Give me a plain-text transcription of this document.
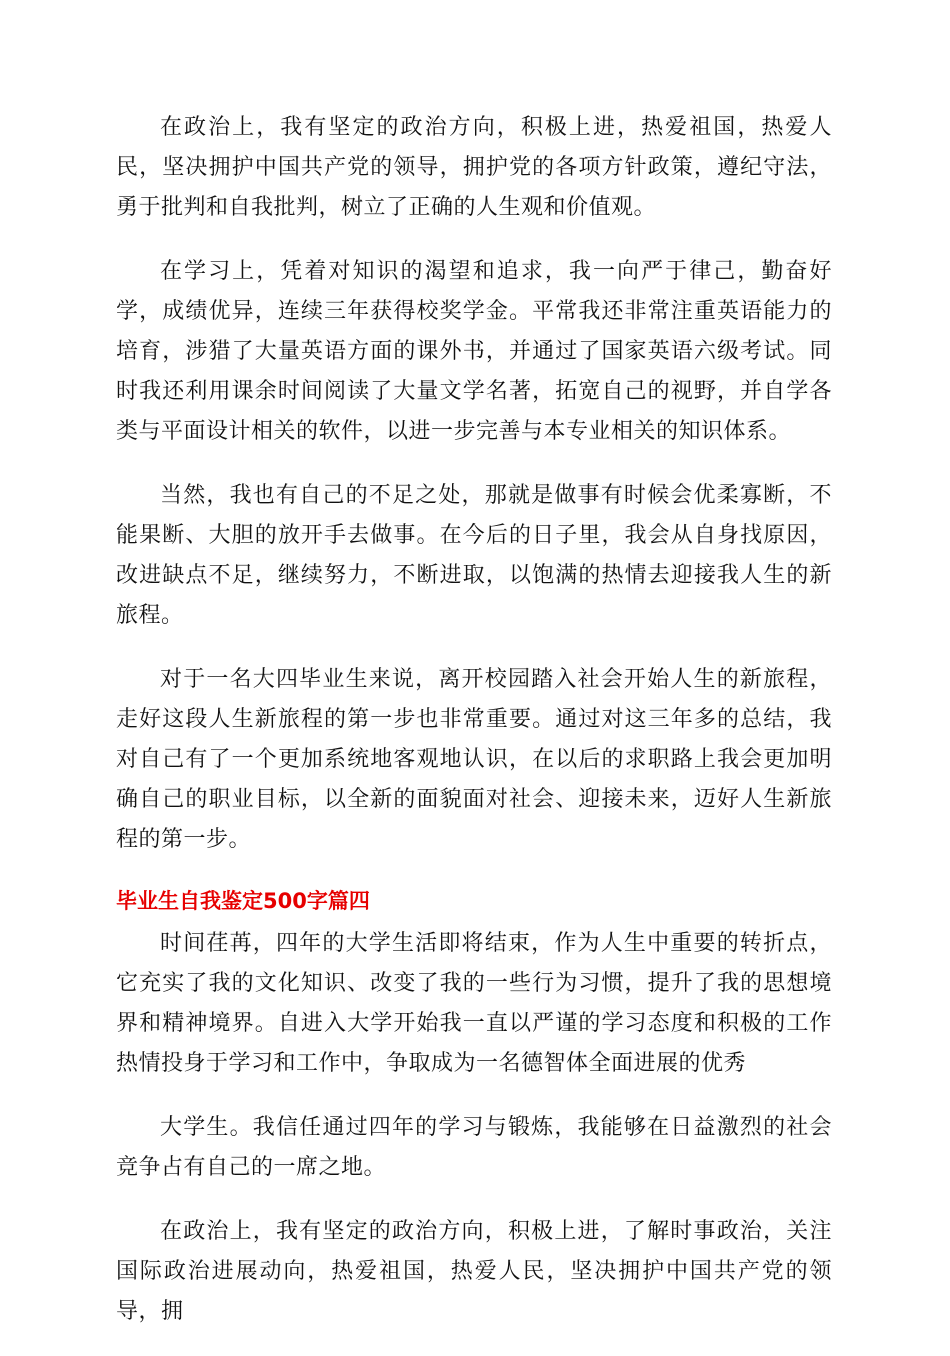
在政治上，我有坚定的政治方向，积极上进，热爱祖国，热爱人民，坚决拥护中国共产党的领导，拥护党的各项方针政策，遵纪守法，勇于批判和自我批判，树立了正确的人生观和价值观。

在学习上，凭着对知识的渴望和追求，我一向严于律己，勤奋好学，成绩优异，连续三年获得校奖学金。平常我还非常注重英语能力的培育，涉猎了大量英语方面的课外书，并通过了国家英语六级考试。同时我还利用课余时间阅读了大量文学名著，拓宽自己的视野，并自学各类与平面设计相关的软件，以进一步完善与本专业相关的知识体系。

当然，我也有自己的不足之处，那就是做事有时候会优柔寡断，不能果断、大胆的放开手去做事。在今后的日子里，我会从自身找原因，改进缺点不足，继续努力，不断进取，以饱满的热情去迎接我人生的新旅程。

对于一名大四毕业生来说，离开校园踏入社会开始人生的新旅程，走好这段人生新旅程的第一步也非常重要。通过对这三年多的总结，我对自己有了一个更加系统地客观地认识，在以后的求职路上我会更加明确自己的职业目标，以全新的面貌面对社会、迎接未来，迈好人生新旅程的第一步。

毕业生自我鉴定500字篇四

时间荏苒，四年的大学生活即将结束，作为人生中重要的转折点，它充实了我的文化知识、改变了我的一些行为习惯，提升了我的思想境界和精神境界。自进入大学开始我一直以严谨的学习态度和积极的工作热情投身于学习和工作中，争取成为一名德智体全面进展的优秀

大学生。我信任通过四年的学习与锻炼，我能够在日益激烈的社会竞争占有自己的一席之地。

在政治上，我有坚定的政治方向，积极上进，了解时事政治，关注国际政治进展动向，热爱祖国，热爱人民，坚决拥护中国共产党的领导，拥
